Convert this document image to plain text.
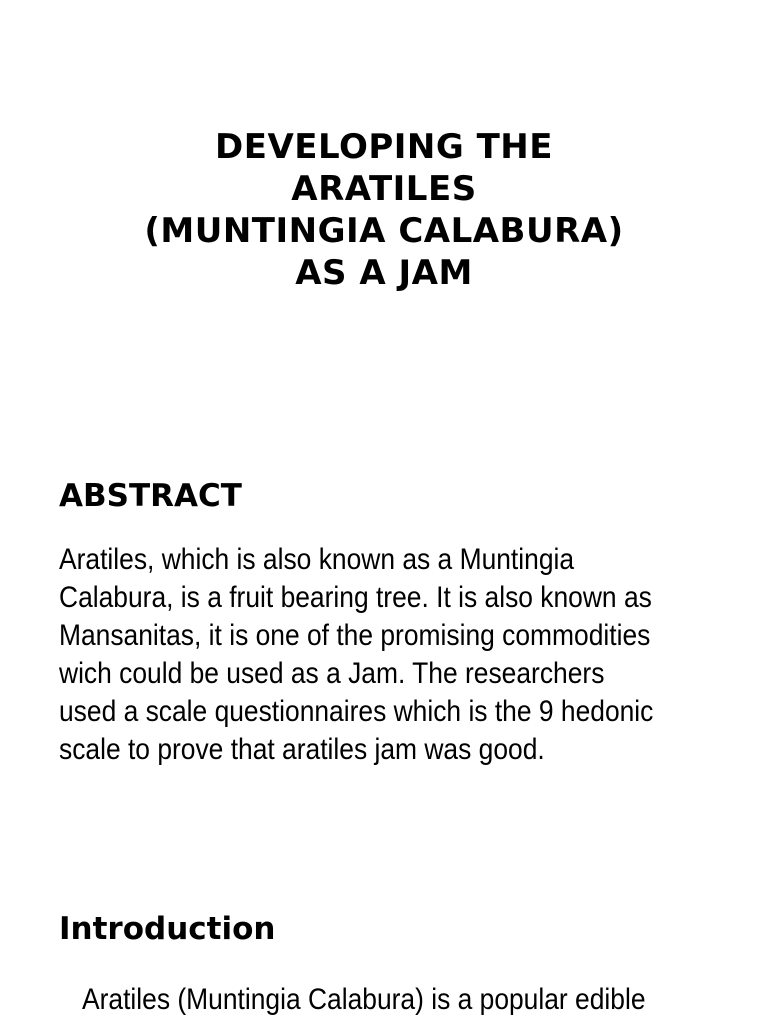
DEVELOPING THE
ARATILES
(MUNTINGIA CALABURA)
AS A JAM
ABSTRACT

Aratiles, which is also known as a Muntingia
Calabura, is a fruit bearing tree. It is also known as
Mansanitas, it is one of the promising commodities
wich could be used as a Jam. The researchers
used a scale questionnaires which is the 9 hedonic
scale to prove that aratiles jam was good.

Introduction

Aratiles (Muntingia Calabura) is a popular edible
